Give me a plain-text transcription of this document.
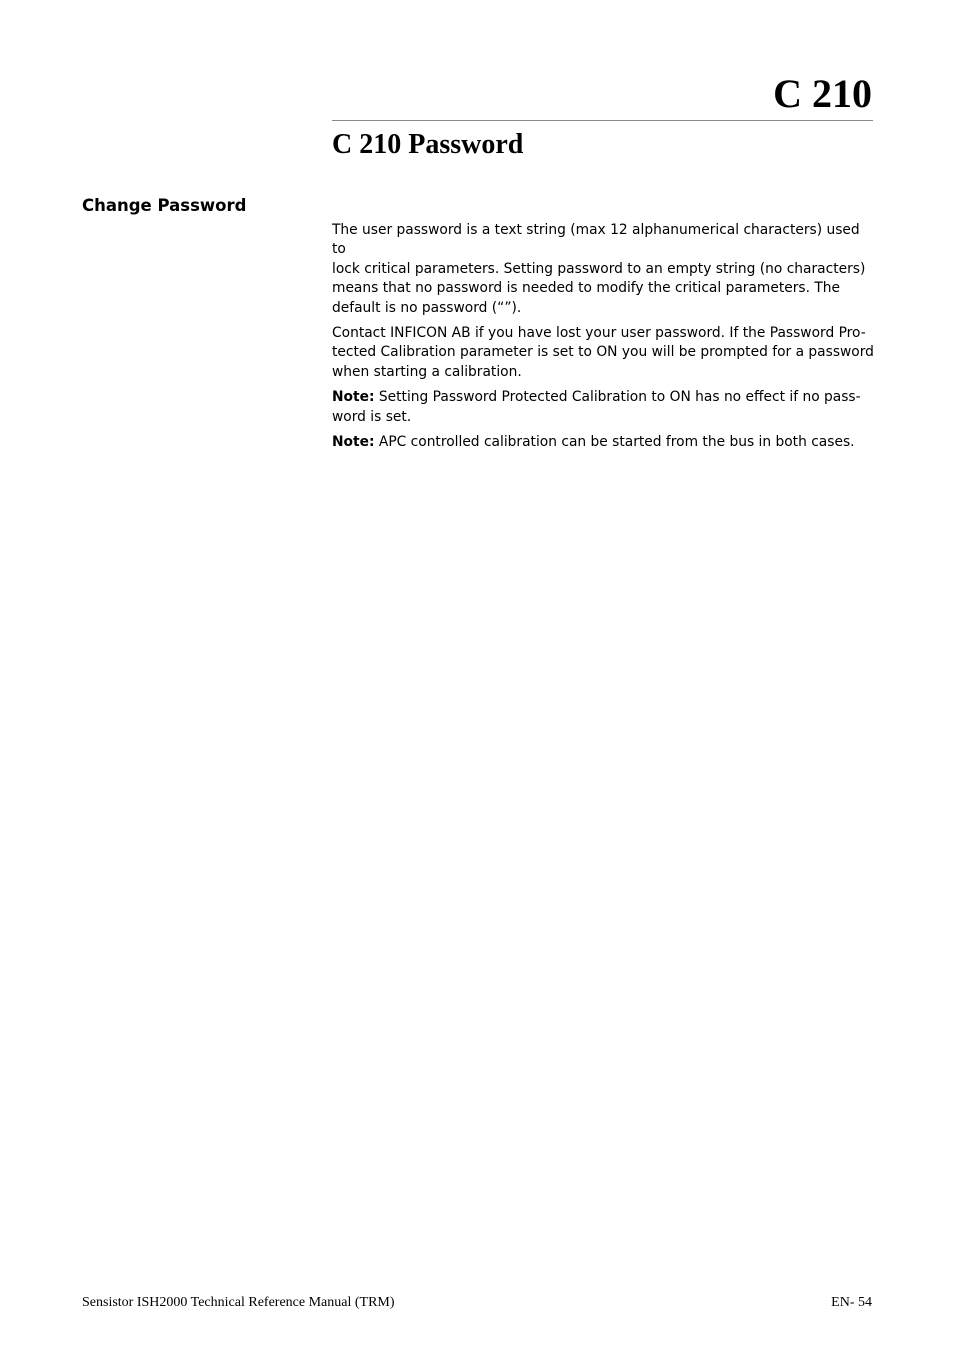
C 210
C 210 Password
Change Password

The user password is a text string (max 12 alphanumerical characters) used to
lock critical parameters. Setting password to an empty string (no characters)
means that no password is needed to modify the critical parameters. The
default is no password (“”).

Contact INFICON AB if you have lost your user password. If the Password Pro-
tected Calibration parameter is set to ON you will be prompted for a password
when starting a calibration.

Note: Setting Password Protected Calibration to ON has no effect if no pass-
word is set.

Note: APC controlled calibration can be started from the bus in both cases.

Sensistor ISH2000 Technical Reference Manual (TRM)	EN- 54
